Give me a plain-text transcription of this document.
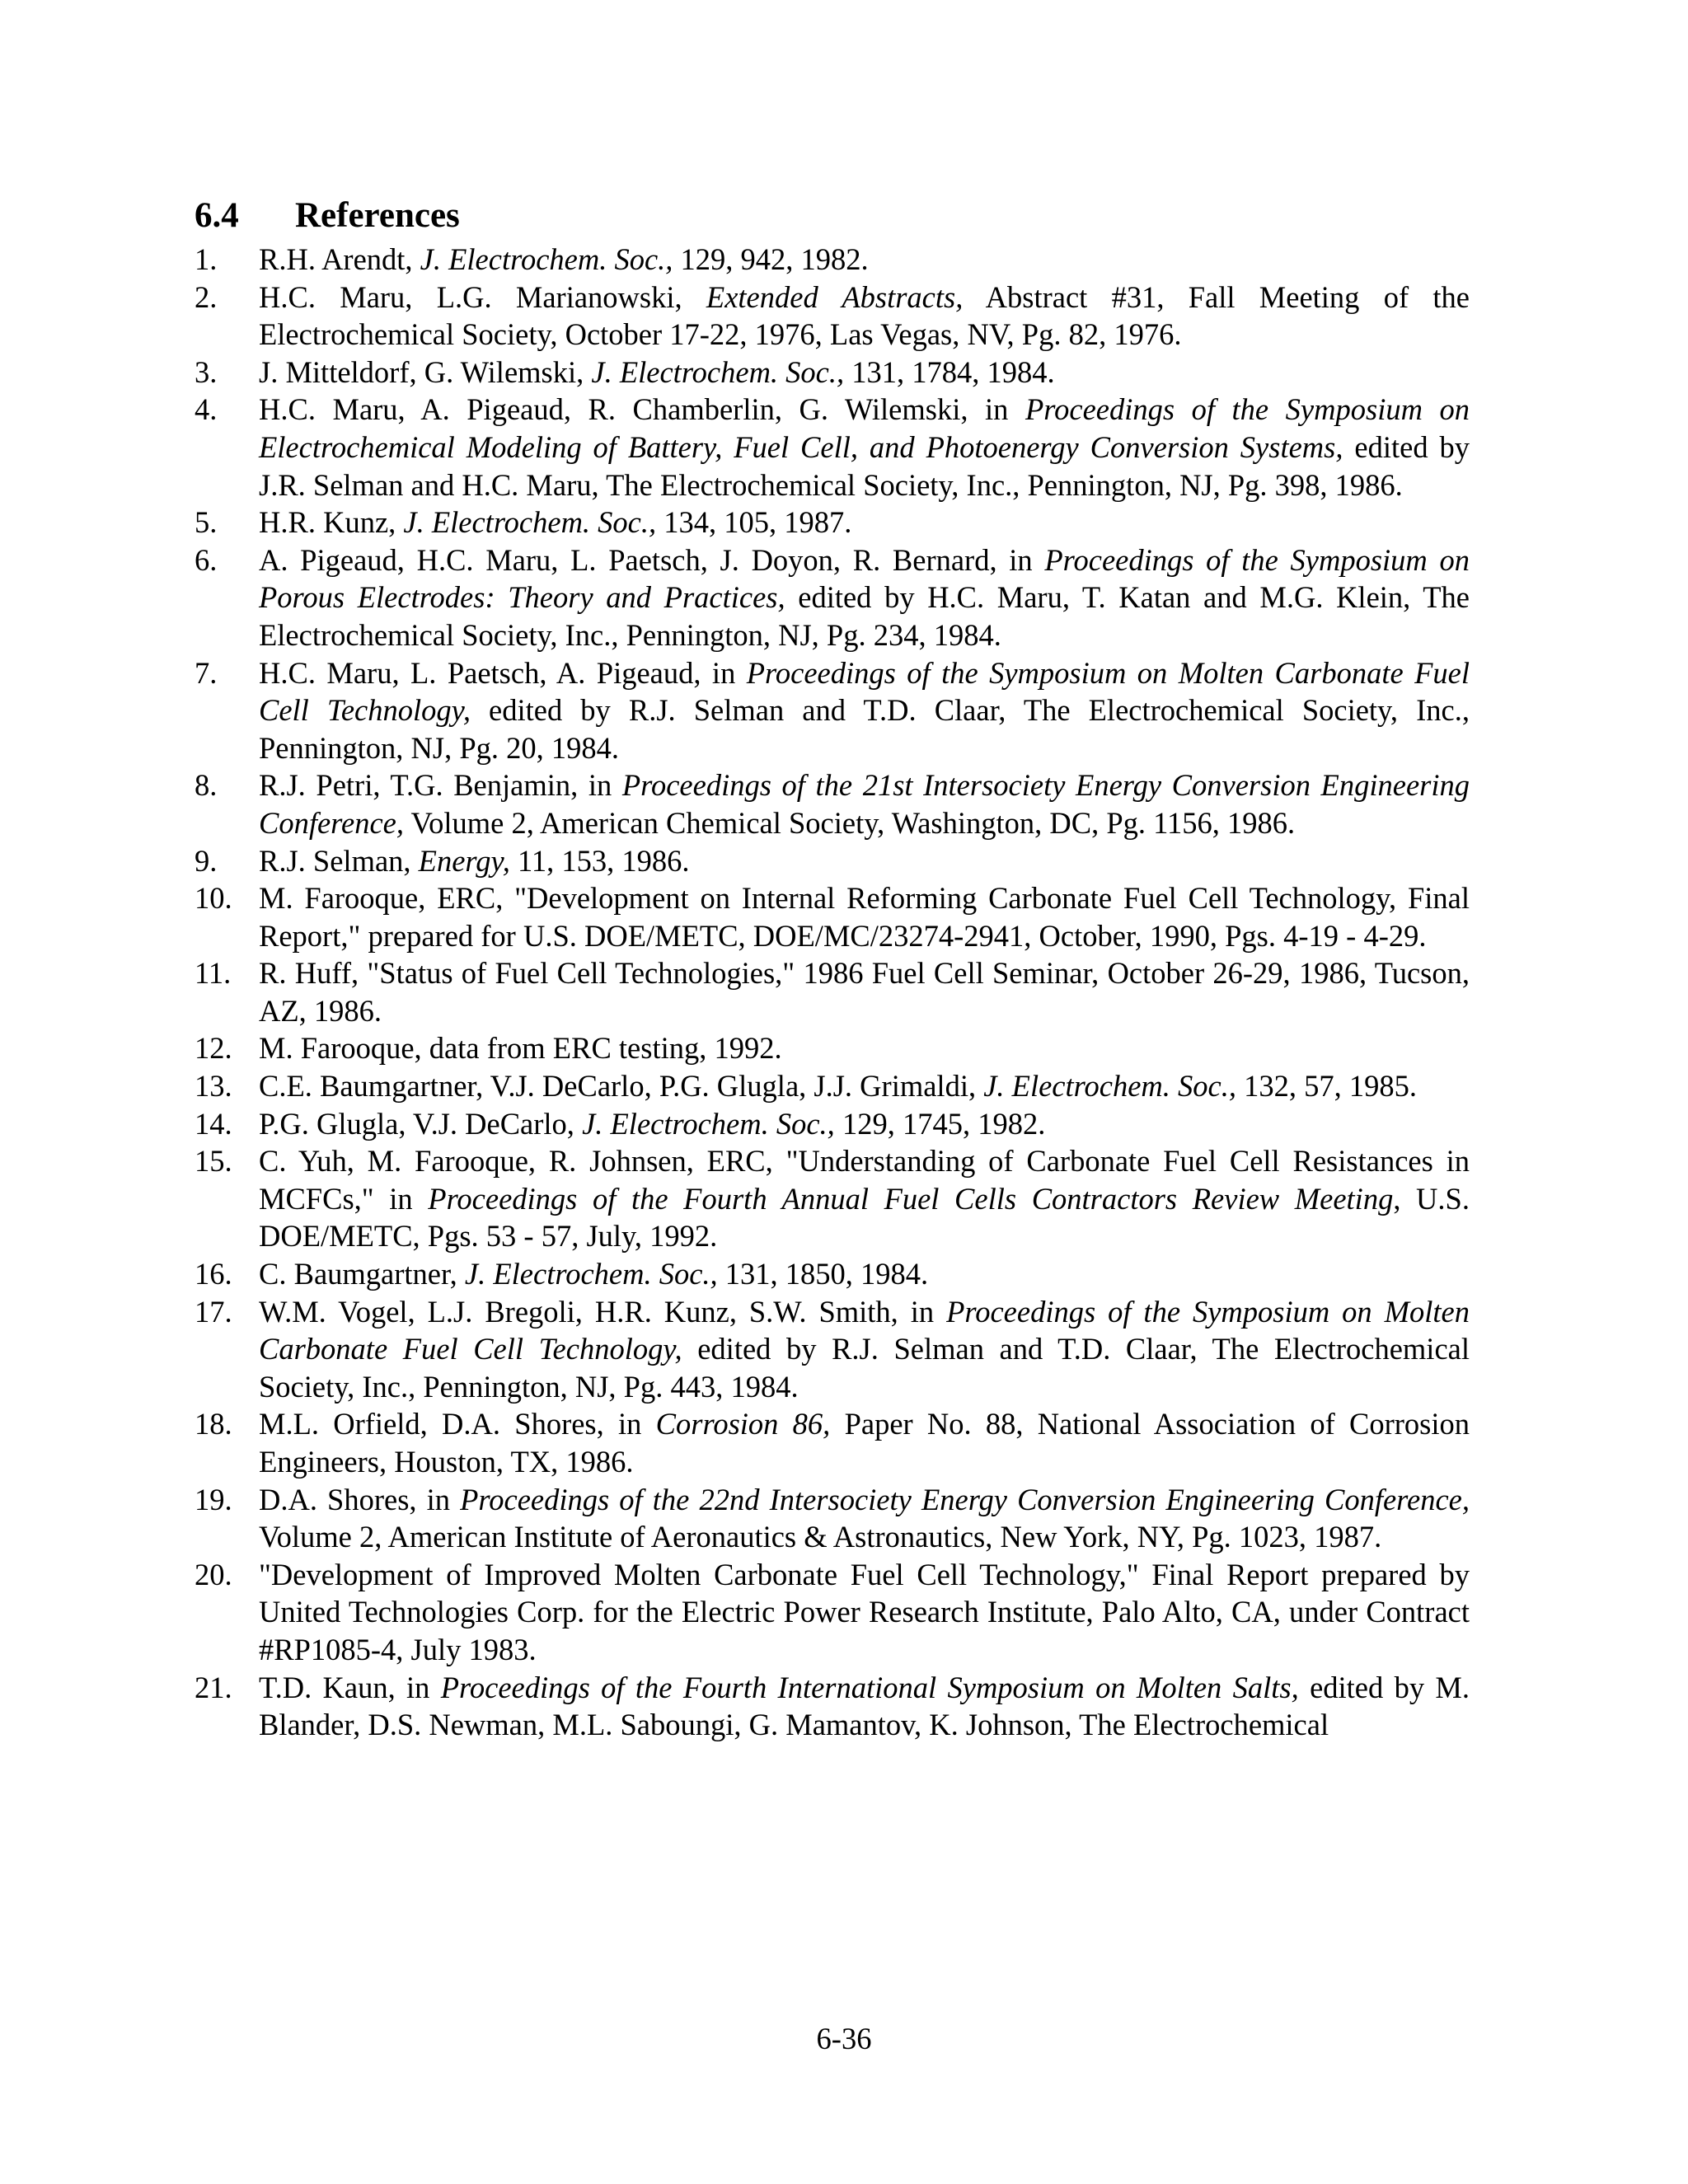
6.4 References
1.	R.H. Arendt, J. Electrochem. Soc., 129, 942, 1982.
2.	H.C. Maru, L.G. Marianowski, Extended Abstracts, Abstract #31, Fall Meeting of the Electrochemical Society, October 17-22, 1976, Las Vegas, NV, Pg. 82, 1976.
3.	J. Mitteldorf, G. Wilemski, J. Electrochem. Soc., 131, 1784, 1984.
4.	H.C. Maru, A. Pigeaud, R. Chamberlin, G. Wilemski, in Proceedings of the Symposium on Electrochemical Modeling of Battery, Fuel Cell, and Photoenergy Conversion Systems, edited by J.R. Selman and H.C. Maru, The Electrochemical Society, Inc., Pennington, NJ, Pg. 398, 1986.
5.	H.R. Kunz, J. Electrochem. Soc., 134, 105, 1987.
6.	A. Pigeaud, H.C. Maru, L. Paetsch, J. Doyon, R. Bernard, in Proceedings of the Symposium on Porous Electrodes: Theory and Practices, edited by H.C. Maru, T. Katan and M.G. Klein, The Electrochemical Society, Inc., Pennington, NJ, Pg. 234, 1984.
7.	H.C. Maru, L. Paetsch, A. Pigeaud, in Proceedings of the Symposium on Molten Carbonate Fuel Cell Technology, edited by R.J. Selman and T.D. Claar, The Electrochemical Society, Inc., Pennington, NJ, Pg. 20, 1984.
8.	R.J. Petri, T.G. Benjamin, in Proceedings of the 21st Intersociety Energy Conversion Engineering Conference, Volume 2, American Chemical Society, Washington, DC, Pg. 1156, 1986.
9.	R.J. Selman, Energy, 11, 153, 1986.
10. M. Farooque, ERC, "Development on Internal Reforming Carbonate Fuel Cell Technology, Final Report," prepared for U.S. DOE/METC, DOE/MC/23274-2941, October, 1990, Pgs. 4-19 - 4-29.
11. R. Huff, "Status of Fuel Cell Technologies," 1986 Fuel Cell Seminar, October 26-29, 1986, Tucson, AZ, 1986.
12. M. Farooque, data from ERC testing, 1992.
13. C.E. Baumgartner, V.J. DeCarlo, P.G. Glugla, J.J. Grimaldi, J. Electrochem. Soc., 132, 57, 1985.
14. P.G. Glugla, V.J. DeCarlo, J. Electrochem. Soc., 129, 1745, 1982.
15. C. Yuh, M. Farooque, R. Johnsen, ERC, "Understanding of Carbonate Fuel Cell Resistances in MCFCs," in Proceedings of the Fourth Annual Fuel Cells Contractors Review Meeting, U.S. DOE/METC, Pgs. 53 - 57, July, 1992.
16. C. Baumgartner, J. Electrochem. Soc., 131, 1850, 1984.
17. W.M. Vogel, L.J. Bregoli, H.R. Kunz, S.W. Smith, in Proceedings of the Symposium on Molten Carbonate Fuel Cell Technology, edited by R.J. Selman and T.D. Claar, The Electrochemical Society, Inc., Pennington, NJ, Pg. 443, 1984.
18. M.L. Orfield, D.A. Shores, in Corrosion 86, Paper No. 88, National Association of Corrosion Engineers, Houston, TX, 1986.
19. D.A. Shores, in Proceedings of the 22nd Intersociety Energy Conversion Engineering Conference, Volume 2, American Institute of Aeronautics & Astronautics, New York, NY, Pg. 1023, 1987.
20. "Development of Improved Molten Carbonate Fuel Cell Technology," Final Report prepared by United Technologies Corp. for the Electric Power Research Institute, Palo Alto, CA, under Contract #RP1085-4, July 1983.
21. T.D. Kaun, in Proceedings of the Fourth International Symposium on Molten Salts, edited by M. Blander, D.S. Newman, M.L. Saboungi, G. Mamantov, K. Johnson, The Electrochemical
6-36
